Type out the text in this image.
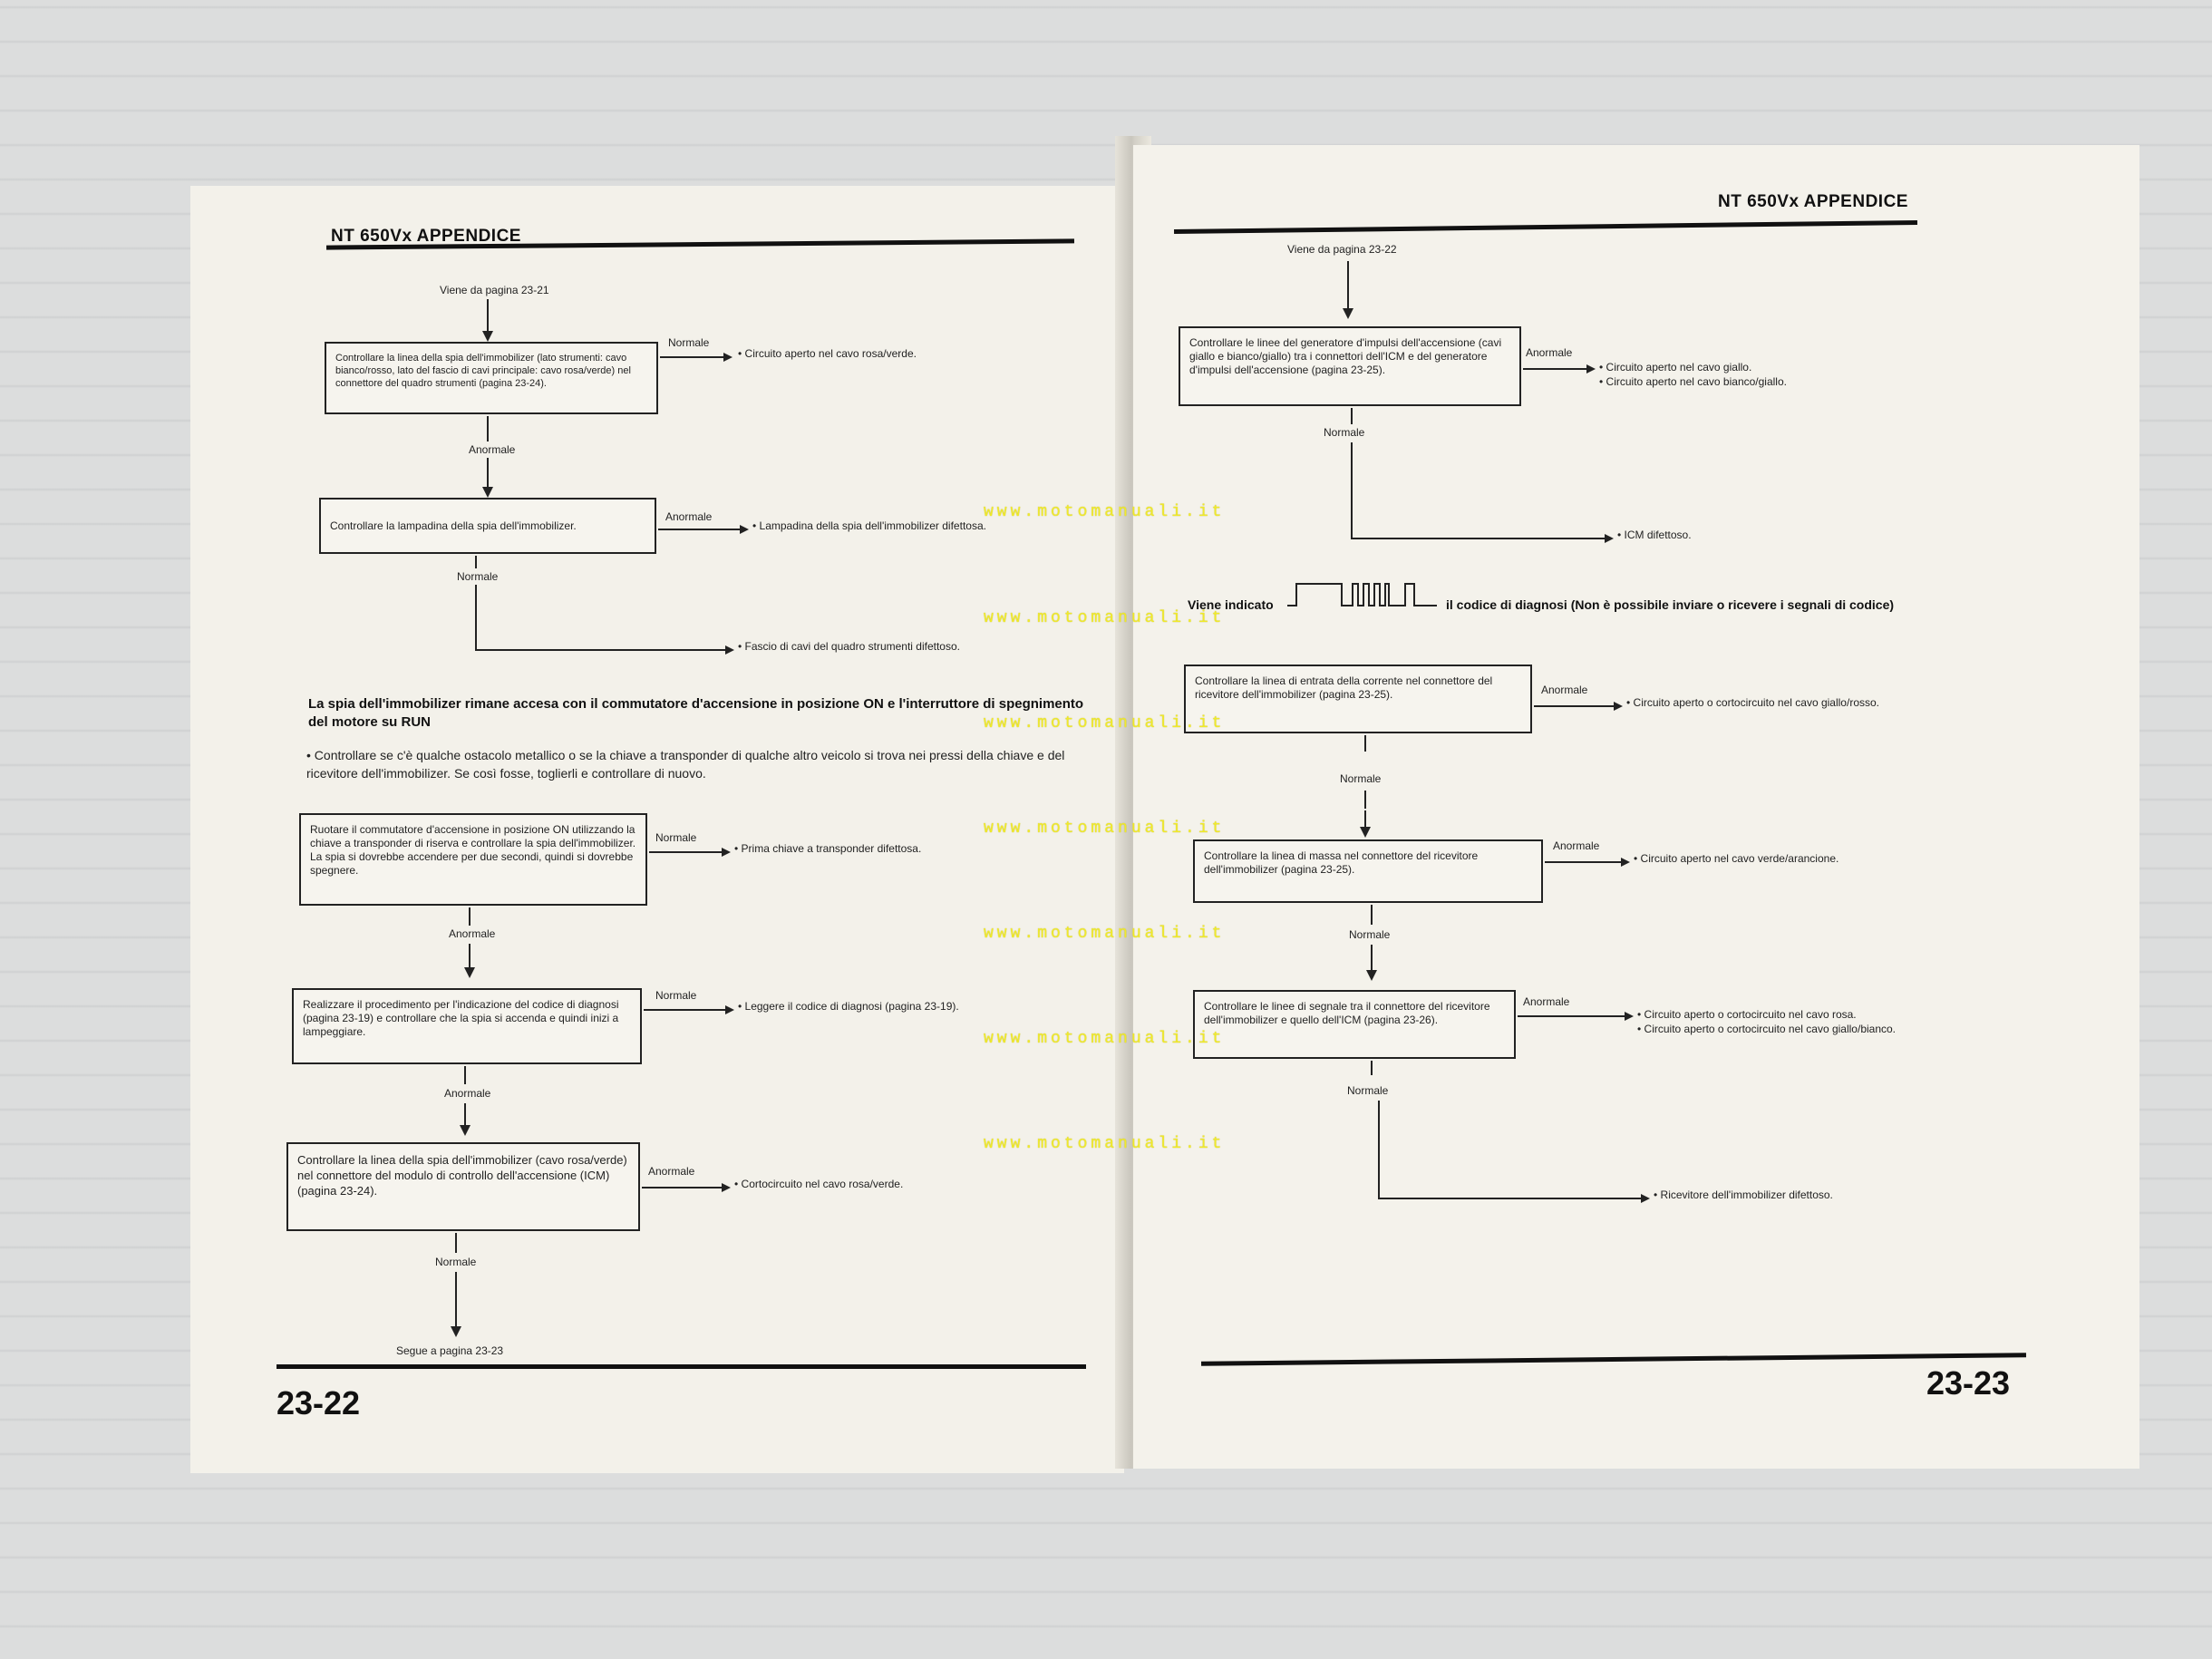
NT 650Vx APPENDICE
Viene da pagina 23-21
Controllare la linea della spia dell'immobilizer (lato strumenti: cavo bianco/rosso, lato del fascio di cavi principale: cavo rosa/verde) nel connettore del quadro strumenti (pagina 23-24).
Normale
• Circuito aperto nel cavo rosa/verde.
Anormale
Controllare la lampadina della spia dell'immobilizer.
Anormale
• Lampadina della spia dell'immobilizer difettosa.
Normale
• Fascio di cavi del quadro strumenti difettoso.
La spia dell'immobilizer rimane accesa con il commutatore d'accensione in posizione ON e l'interruttore di spegnimento del motore su RUN
• Controllare se c'è qualche ostacolo metallico o se la chiave a transponder di qualche altro veicolo si trova nei pressi della chiave e del ricevitore dell'immobilizer. Se così fosse, toglierli e controllare di nuovo.
Ruotare il commutatore d'accensione in posizione ON utilizzando la chiave a transponder di riserva e controllare la spia dell'immobilizer. La spia si dovrebbe accendere per due secondi, quindi si dovrebbe spegnere.
Normale
• Prima chiave a transponder difettosa.
Anormale
Realizzare il procedimento per l'indicazione del codice di diagnosi (pagina 23-19) e controllare che la spia si accenda e quindi inizi a lampeggiare.
Normale
• Leggere il codice di diagnosi (pagina 23-19).
Anormale
Controllare la linea della spia dell'immobilizer (cavo rosa/verde) nel connettore del modulo di controllo dell'accensione (ICM) (pagina 23-24).
Anormale
• Cortocircuito nel cavo rosa/verde.
Normale
Segue a pagina 23-23
23-22
NT 650Vx APPENDICE
Viene da pagina 23-22
Controllare le linee del generatore d'impulsi dell'accensione (cavi giallo e bianco/giallo) tra i connettori dell'ICM e del generatore d'impulsi dell'accensione (pagina 23-25).
Anormale
• Circuito aperto nel cavo giallo.
• Circuito aperto nel cavo bianco/giallo.
Normale
• ICM difettoso.
Viene indicato	il codice di diagnosi (Non è possibile inviare o ricevere i segnali di codice)
Controllare la linea di entrata della corrente nel connettore del ricevitore dell'immobilizer (pagina 23-25).	Anormale
• Circuito aperto o cortocircuito nel cavo giallo/rosso.
Normale
Controllare la linea di massa nel connettore del ricevitore dell'immobilizer (pagina 23-25).
Anormale
• Circuito aperto nel cavo verde/arancione.
Normale
Controllare le linee di segnale tra il connettore del ricevitore dell'immobilizer e quello dell'ICM (pagina 23-26).
Anormale
• Circuito aperto o cortocircuito nel cavo rosa.
• Circuito aperto o cortocircuito nel cavo giallo/bianco.
Normale
• Ricevitore dell'immobilizer difettoso.
23-23
www.motomanuali.it
www.motomanuali.it
www.motomanuali.it
www.motomanuali.it
www.motomanuali.it
www.motomanuali.it
www.motomanuali.it
